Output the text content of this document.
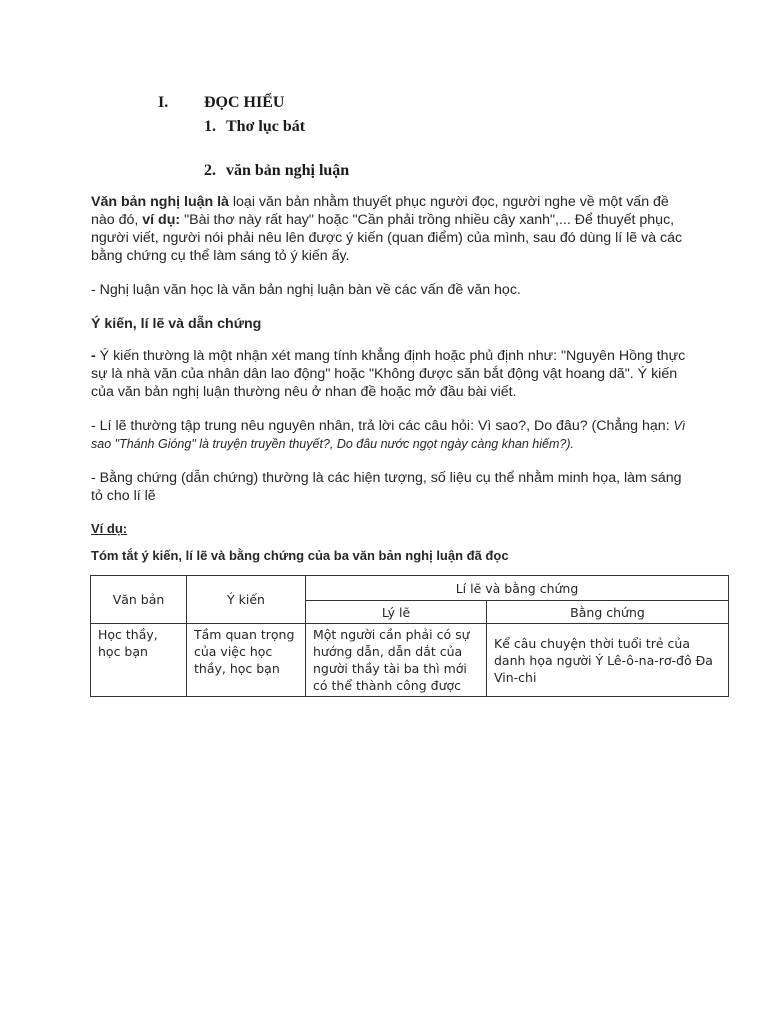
I. ĐỌC HIỂU
1. Thơ lục bát
2. văn bản nghị luận
Văn bản nghị luận là loại văn bản nhằm thuyết phục người đọc, người nghe về một vấn đề nào đó, ví dụ: "Bài thơ này rất hay" hoặc "Cần phải trồng nhiều cây xanh",... Để thuyết phục, người viết, người nói phải nêu lên được ý kiến (quan điểm) của mình, sau đó dùng lí lẽ và các bằng chứng cụ thể làm sáng tỏ ý kiến ấy.
- Nghị luận văn học là văn bản nghị luận bàn về các vấn đề văn học.
Ý kiến, lí lẽ và dẫn chứng
- Ý kiến thường là một nhận xét mang tính khẳng định hoặc phủ định như: "Nguyên Hồng thực sự là nhà văn của nhân dân lao động" hoặc "Không được săn bắt động vật hoang dã". Ý kiến của văn bản nghị luận thường nêu ở nhan đề hoặc mở đầu bài viết.
- Lí lẽ thường tập trung nêu nguyên nhân, trả lời các câu hỏi: Vì sao?, Do đâu? (Chẳng hạn: Vì sao "Thánh Gióng" là truyện truyền thuyết?, Do đâu nước ngọt ngày càng khan hiếm?).
- Bằng chứng (dẫn chứng) thường là các hiện tượng, số liệu cụ thể nhằm minh họa, làm sáng tỏ cho lí lẽ
Ví dụ:
Tóm tắt ý kiến, lí lẽ và bằng chứng của ba văn bản nghị luận đã đọc
Văn bản	Ý kiến	Lí lẽ và bằng chứng	
		Lý lẽ	Bằng chứng
Học thầy, học bạn	Tầm quan trọng của việc học thầy, học bạn	Một người cần phải có sự hướng dẫn, dẫn dắt của người thầy tài ba thì mới có thể thành công được	Kể câu chuyện thời tuổi trẻ của danh họa người Ý Lê-ô-na-rơ-đô Đa Vin-chi
